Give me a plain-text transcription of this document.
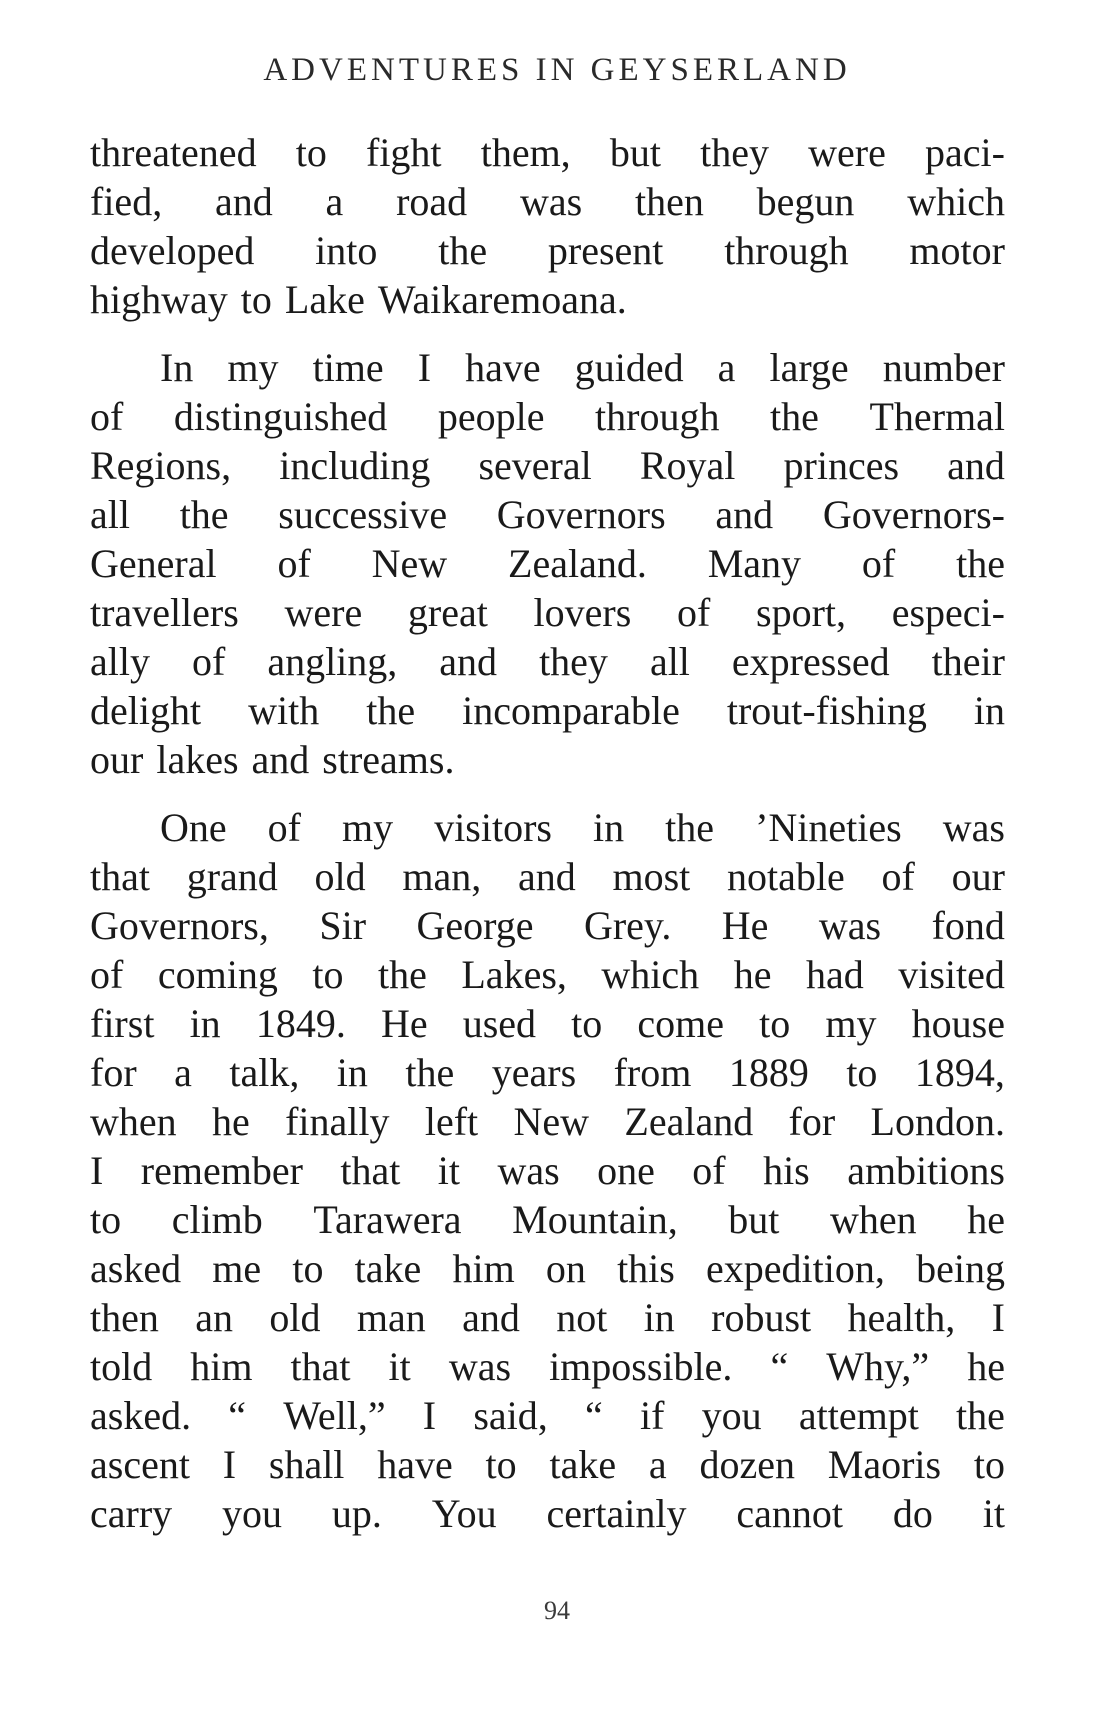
ADVENTURES IN GEYSERLAND
threatened to fight them, but they were paci-
fied, and a road was then begun which
developed into the present through motor
highway to Lake Waikaremoana.
In my time I have guided a large number
of distinguished people through the Thermal
Regions, including several Royal princes and
all the successive Governors and Governors-
General of New Zealand. Many of the
travellers were great lovers of sport, especi-
ally of angling, and they all expressed their
delight with the incomparable trout-fishing in
our lakes and streams.
One of my visitors in the ’Nineties was
that grand old man, and most notable of our
Governors, Sir George Grey. He was fond
of coming to the Lakes, which he had visited
first in 1849. He used to come to my house
for a talk, in the years from 1889 to 1894,
when he finally left New Zealand for London.
I remember that it was one of his ambitions
to climb Tarawera Mountain, but when he
asked me to take him on this expedition, being
then an old man and not in robust health, I
told him that it was impossible. “ Why,” he
asked. “ Well,” I said, “ if you attempt the
ascent I shall have to take a dozen Maoris to
carry you up. You certainly cannot do it
94
